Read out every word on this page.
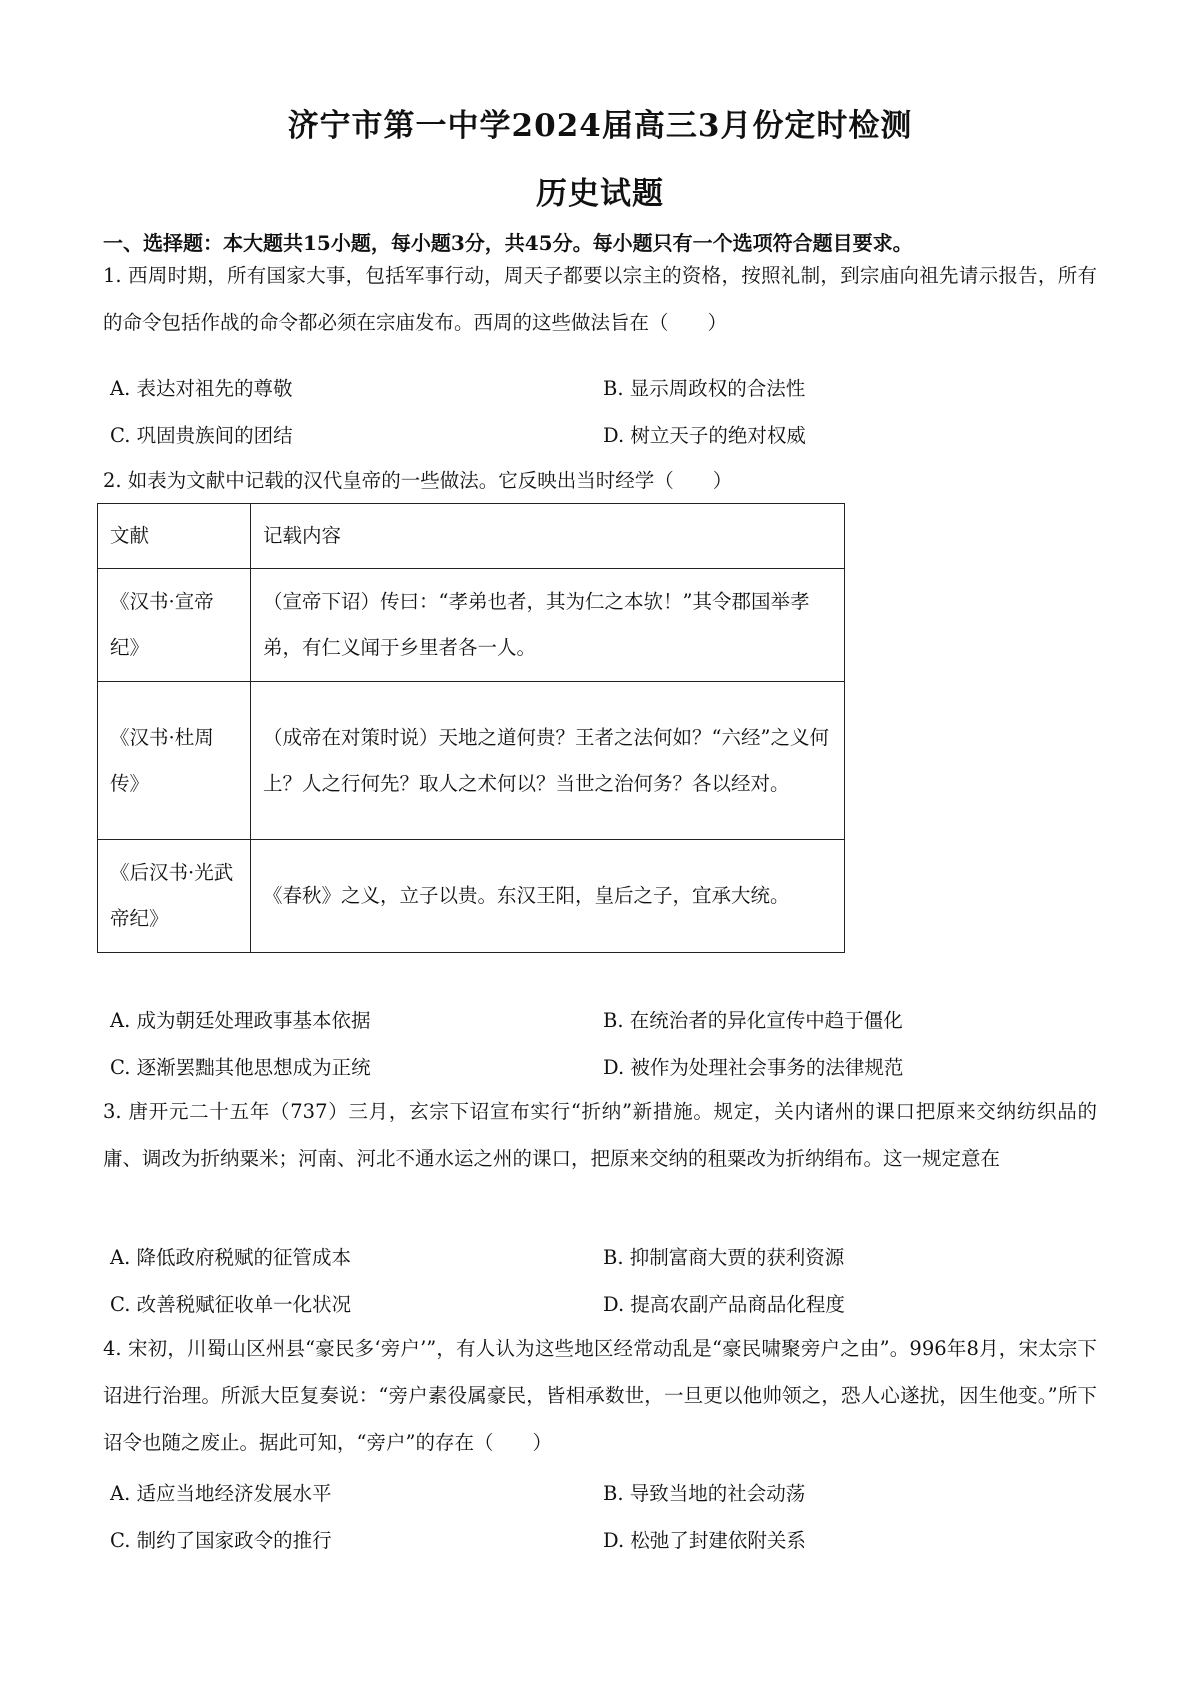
济宁市第一中学2024届高三3月份定时检测
历史试题
一、选择题：本大题共15小题，每小题3分，共45分。每小题只有一个选项符合题目要求。
1. 西周时期，所有国家大事，包括军事行动，周天子都要以宗主的资格，按照礼制，到宗庙向祖先请示报告，所有的命令包括作战的命令都必须在宗庙发布。西周的这些做法旨在（　　）
A. 表达对祖先的尊敬	B. 显示周政权的合法性
C. 巩固贵族间的团结	D. 树立天子的绝对权威
2. 如表为文献中记载的汉代皇帝的一些做法。它反映出当时经学（　　）
文献	记载内容
《汉书·宣帝纪》	（宣帝下诏）传曰：“孝弟也者，其为仁之本欤！”其令郡国举孝弟，有仁义闻于乡里者各一人。
《汉书·杜周传》	（成帝在对策时说）天地之道何贵？王者之法何如？“六经”之义何上？人之行何先？取人之术何以？当世之治何务？各以经对。
《后汉书·光武帝纪》	《春秋》之义，立子以贵。东汉王阳，皇后之子，宜承大统。
A. 成为朝廷处理政事基本依据	B. 在统治者的异化宣传中趋于僵化
C. 逐渐罢黜其他思想成为正统	D. 被作为处理社会事务的法律规范
3. 唐开元二十五年（737）三月，玄宗下诏宣布实行“折纳”新措施。规定，关内诸州的课口把原来交纳纺织品的庸、调改为折纳粟米；河南、河北不通水运之州的课口，把原来交纳的租粟改为折纳绢布。这一规定意在
A. 降低政府税赋的征管成本	B. 抑制富商大贾的获利资源
C. 改善税赋征收单一化状况	D. 提高农副产品商品化程度
4. 宋初，川蜀山区州县“豪民多‘旁户’”，有人认为这些地区经常动乱是“豪民啸聚旁户之由”。996年8月，宋太宗下诏进行治理。所派大臣复奏说：“旁户素役属豪民，皆相承数世，一旦更以他帅领之，恐人心遂扰，因生他变。”所下诏令也随之废止。据此可知，“旁户”的存在（　　）
A. 适应当地经济发展水平	B. 导致当地的社会动荡
C. 制约了国家政令的推行	D. 松弛了封建依附关系
